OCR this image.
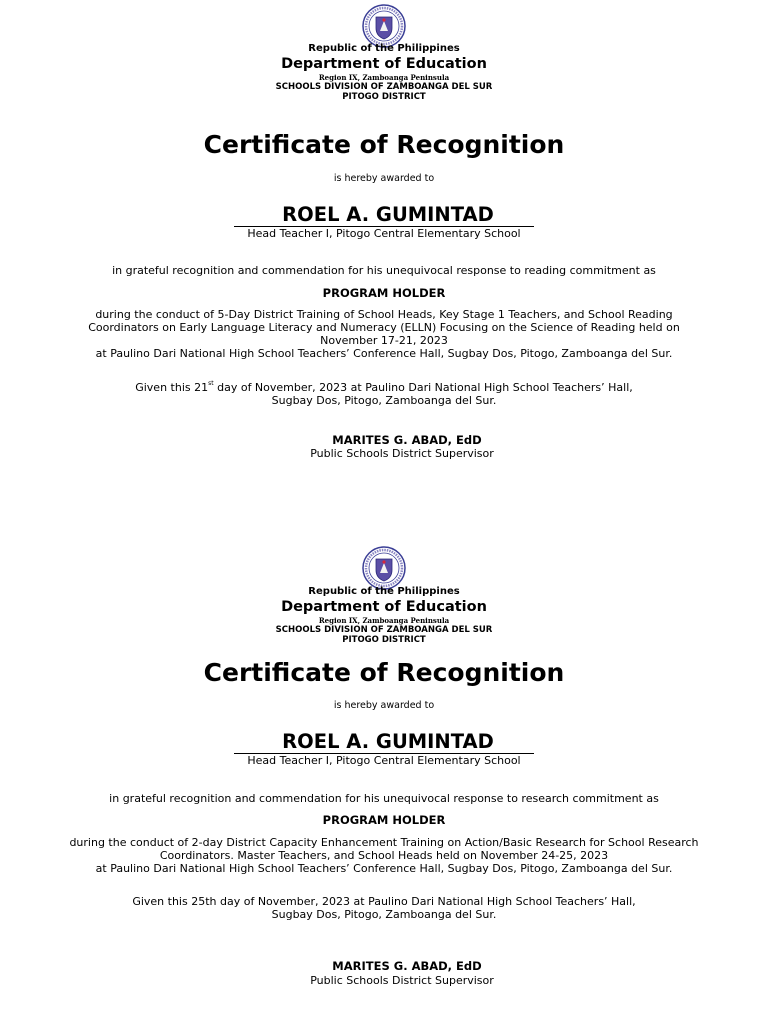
Republic of the Philippines
Department of Education
Region IX, Zamboanga Peninsula
SCHOOLS DIVISION OF ZAMBOANGA DEL SUR
PITOGO DISTRICT
Certificate of Recognition
is hereby awarded to
ROEL A. GUMINTAD
Head Teacher I, Pitogo Central Elementary School
in grateful recognition and commendation for his unequivocal response to reading commitment as
PROGRAM HOLDER
during the conduct of 5-Day District Training of School Heads, Key Stage 1 Teachers, and School Reading
Coordinators on Early Language Literacy and Numeracy (ELLN) Focusing on the Science of Reading held on
November 17-21, 2023
at Paulino Dari National High School Teachers’ Conference Hall, Sugbay Dos, Pitogo, Zamboanga del Sur.
Given this 21st day of November, 2023 at Paulino Dari National High School Teachers’ Hall,
Sugbay Dos, Pitogo, Zamboanga del Sur.
MARITES G. ABAD, EdD
Public Schools District Supervisor
Republic of the Philippines
Department of Education
Region IX, Zamboanga Peninsula
SCHOOLS DIVISION OF ZAMBOANGA DEL SUR
PITOGO DISTRICT
Certificate of Recognition
is hereby awarded to
ROEL A. GUMINTAD
Head Teacher I, Pitogo Central Elementary School
in grateful recognition and commendation for his unequivocal response to research commitment as
PROGRAM HOLDER
during the conduct of 2-day District Capacity Enhancement Training on Action/Basic Research for School Research
Coordinators. Master Teachers, and School Heads held on November 24-25, 2023
at Paulino Dari National High School Teachers’ Conference Hall, Sugbay Dos, Pitogo, Zamboanga del Sur.
Given this 25th day of November, 2023 at Paulino Dari National High School Teachers’ Hall,
Sugbay Dos, Pitogo, Zamboanga del Sur.
MARITES G. ABAD, EdD
Public Schools District Supervisor
